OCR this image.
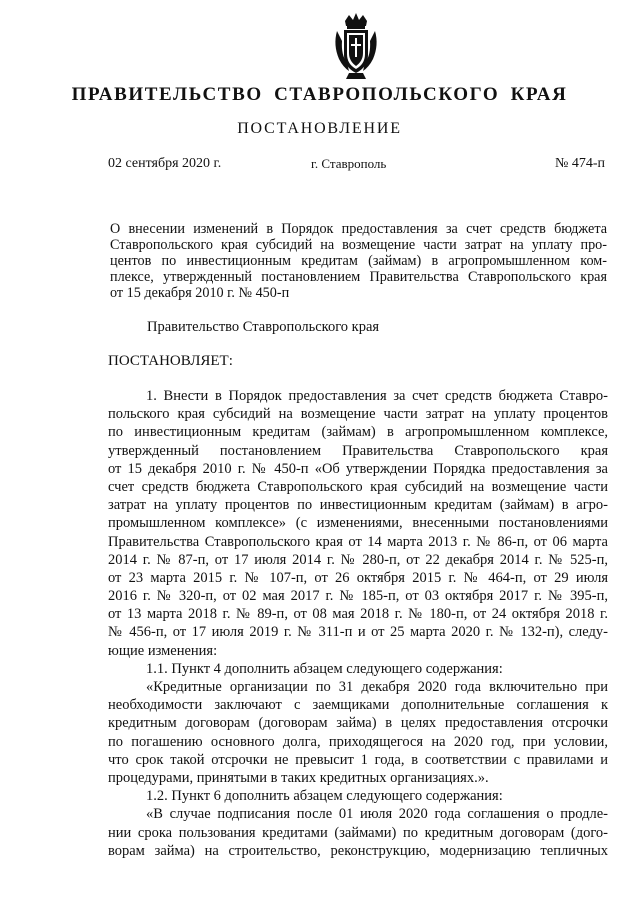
ПРАВИТЕЛЬСТВО СТАВРОПОЛЬСКОГО КРАЯ
ПОСТАНОВЛЕНИЕ
02 сентября 2020 г.	г. Ставрополь	№ 474-п
О внесении изменений в Порядок предоставления за счет средств бюджета
Ставропольского края субсидий на возмещение части затрат на уплату про-
центов по инвестиционным кредитам (займам) в агропромышленном ком-
плексе, утвержденный постановлением Правительства Ставропольского края
от 15 декабря 2010 г. № 450-п
Правительство Ставропольского края
ПОСТАНОВЛЯЕТ:
1. Внести в Порядок предоставления за счет средств бюджета Ставро-
польского края субсидий на возмещение части затрат на уплату процентов
по инвестиционным кредитам (займам) в агропромышленном комплексе,
утвержденный постановлением Правительства Ставропольского края
от 15 декабря 2010 г. № 450-п «Об утверждении Порядка предоставления за
счет средств бюджета Ставропольского края субсидий на возмещение части
затрат на уплату процентов по инвестиционным кредитам (займам) в агро-
промышленном комплексе» (с изменениями, внесенными постановлениями
Правительства Ставропольского края от 14 марта 2013 г. № 86-п, от 06 марта
2014 г. № 87-п, от 17 июля 2014 г. № 280-п, от 22 декабря 2014 г. № 525-п,
от 23 марта 2015 г. № 107-п, от 26 октября 2015 г. № 464-п, от 29 июля
2016 г. № 320-п, от 02 мая 2017 г. № 185-п, от 03 октября 2017 г. № 395-п,
от 13 марта 2018 г. № 89-п, от 08 мая 2018 г. № 180-п, от 24 октября 2018 г.
№ 456-п, от 17 июля 2019 г. № 311-п и от 25 марта 2020 г. № 132-п), следу-
ющие изменения:
1.1. Пункт 4 дополнить абзацем следующего содержания:
«Кредитные организации по 31 декабря 2020 года включительно при
необходимости заключают с заемщиками дополнительные соглашения к
кредитным договорам (договорам займа) в целях предоставления отсрочки
по погашению основного долга, приходящегося на 2020 год, при условии,
что срок такой отсрочки не превысит 1 года, в соответствии с правилами и
процедурами, принятыми в таких кредитных организациях.».
1.2. Пункт 6 дополнить абзацем следующего содержания:
«В случае подписания после 01 июля 2020 года соглашения о продле-
нии срока пользования кредитами (займами) по кредитным договорам (дого-
ворам займа) на строительство, реконструкцию, модернизацию тепличных
